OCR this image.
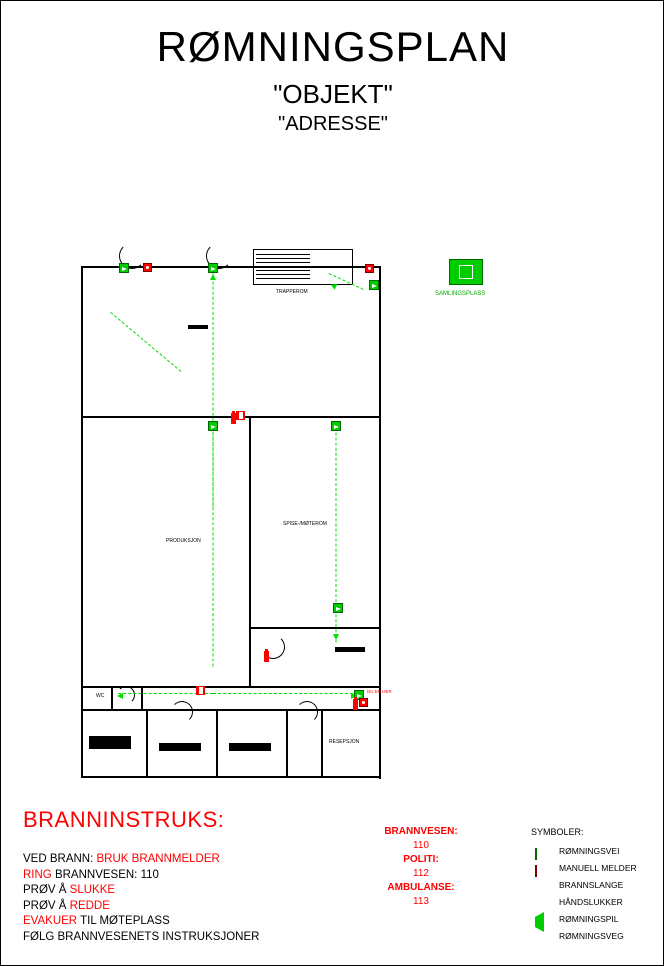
RØMNINGSPLAN
"OBJEKT"
"ADRESSE"
TRAPPEROM
PRODUKSJON
SPISE-/MØTEROM
RESEPSJON
WC
DU ER HER
SAMLINGSPLASS
BRANNINSTRUKS:
VED BRANN: BRUK BRANNMELDER
RING BRANNVESEN: 110
PRØV Å SLUKKE
PRØV Å REDDE
EVAKUER TIL MØTEPLASS
FØLG BRANNVESENETS INSTRUKSJONER
BRANNVESEN:
110
POLITI:
112
AMBULANSE:
113
SYMBOLER:
RØMNINGSVEI
MANUELL MELDER
BRANNSLANGE
HÅNDSLUKKER
RØMNINGSPIL
RØMNINGSVEG
